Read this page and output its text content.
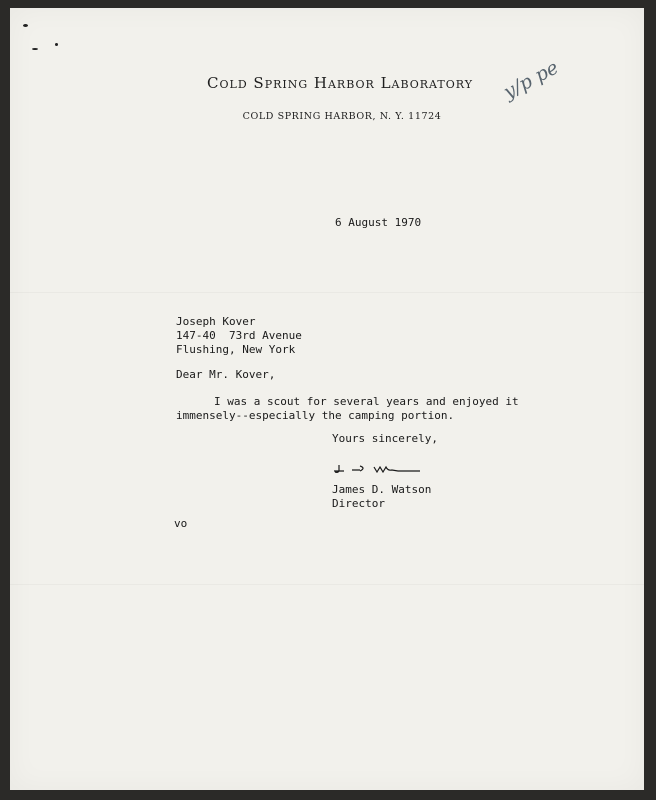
Cold Spring Harbor Laboratory
COLD SPRING HARBOR, N. Y. 11724
y/p pe
6 August 1970
Joseph Kover
147-40  73rd Avenue
Flushing, New York
Dear Mr. Kover,
I was a scout for several years and enjoyed it
immensely--especially the camping portion.
Yours sincerely,
James D. Watson
Director
vo
